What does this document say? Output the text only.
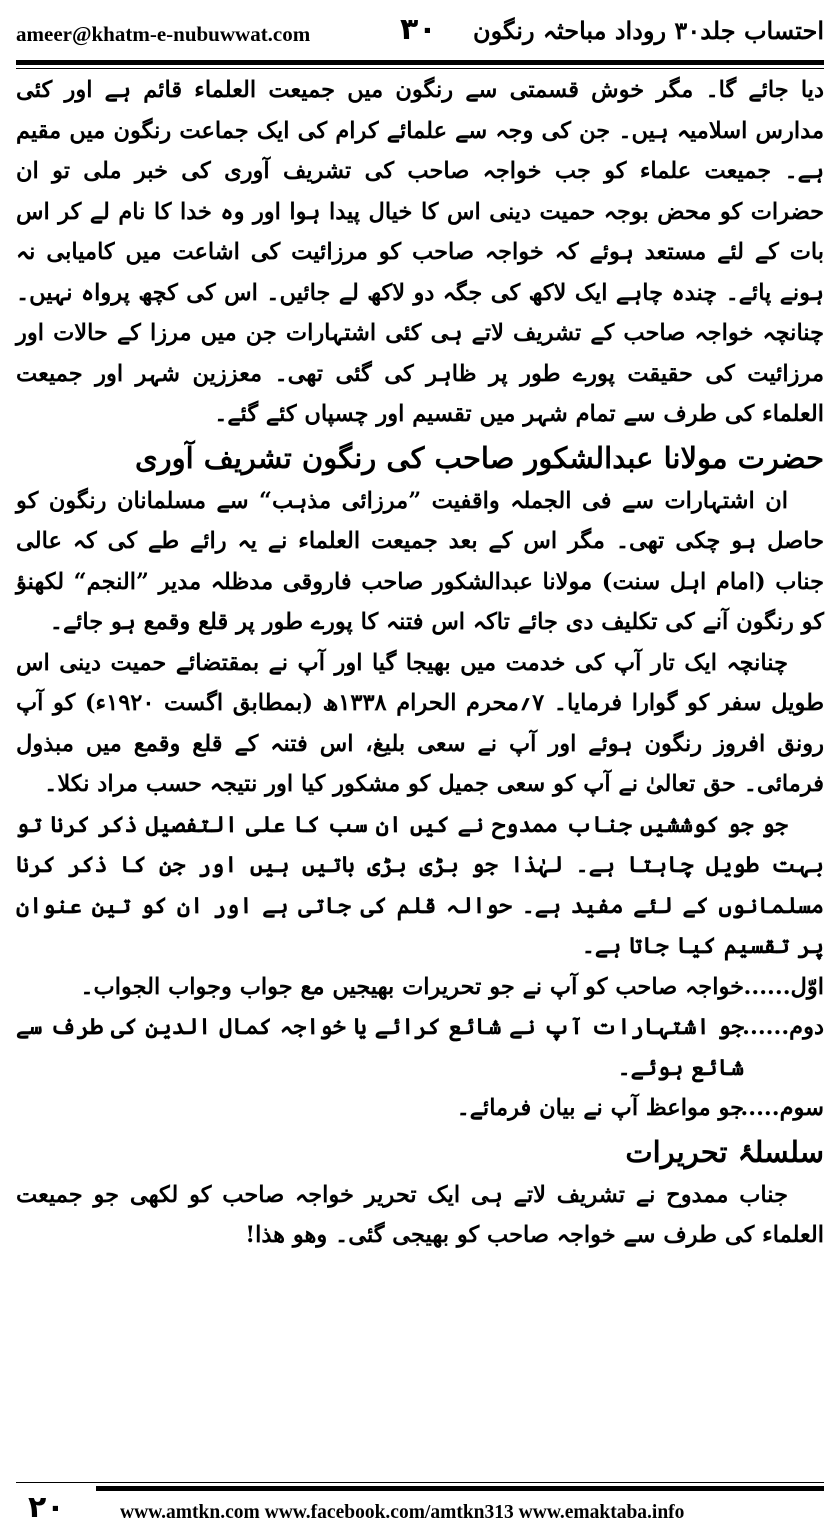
ameer@khatm-e-nubuwwat.com	۳۰ احتساب جلد۳۰ روداد مباحثہ رنگون

دیا جائے گا۔ مگر خوش قسمتی سے رنگون میں جمیعت العلماء قائم ہے اور کئی مدارس اسلامیہ ہیں۔ جن کی وجہ سے علمائے کرام کی ایک جماعت رنگون میں مقیم ہے۔ جمیعت علماء کو جب خواجہ صاحب کی تشریف آوری کی خبر ملی تو ان حضرات کو محض بوجہ حمیت دینی اس کا خیال پیدا ہوا اور وہ خدا کا نام لے کر اس بات کے لئے مستعد ہوئے کہ خواجہ صاحب کو مرزائیت کی اشاعت میں کامیابی نہ ہونے پائے۔ چندہ چاہے ایک لاکھ کی جگہ دو لاکھ لے جائیں۔ اس کی کچھ پرواہ نہیں۔ چنانچہ خواجہ صاحب کے تشریف لاتے ہی کئی اشتہارات جن میں مرزا کے حالات اور مرزائیت کی حقیقت پورے طور پر ظاہر کی گئی تھی۔ معززین شہر اور جمیعت العلماء کی طرف سے تمام شہر میں تقسیم اور چسپاں کئے گئے۔

حضرت مولانا عبدالشکور صاحب کی رنگون تشریف آوری

ان اشتہارات سے فی الجملہ واقفیت ”مرزائی مذہب“ سے مسلمانان رنگون کو حاصل ہو چکی تھی۔ مگر اس کے بعد جمیعت العلماء نے یہ رائے طے کی کہ عالی جناب (امام اہل سنت) مولانا عبدالشکور صاحب فاروقی مدظلہ مدیر ”النجم“ لکھنؤ کو رنگون آنے کی تکلیف دی جائے تاکہ اس فتنہ کا پورے طور پر قلع وقمع ہو جائے۔

چنانچہ ایک تار آپ کی خدمت میں بھیجا گیا اور آپ نے بمقتضائے حمیت دینی اس طویل سفر کو گوارا فرمایا۔ ۷؍محرم الحرام ۱۳۳۸ھ (بمطابق اگست ۱۹۲۰ء) کو آپ رونق افروز رنگون ہوئے اور آپ نے سعی بلیغ، اس فتنہ کے قلع وقمع میں مبذول فرمائی۔ حق تعالیٰ نے آپ کو سعی جمیل کو مشکور کیا اور نتیجہ حسب مراد نکلا۔

جو جو کوششیں جناب ممدوح نے کیں ان سب کا علی التفصیل ذکر کرنا تو بہت طویل چاہتا ہے۔ لہٰذا جو بڑی بڑی باتیں ہیں اور جن کا ذکر کرنا مسلمانوں کے لئے مفید ہے۔ حوالہ قلم کی جاتی ہے اور ان کو تین عنوان پر تقسیم کیا جاتا ہے۔

اوّل......
خواجہ صاحب کو آپ نے جو تحریرات بھیجیں مع جواب وجواب الجواب۔
دوم......
جو اشتہارات آپ نے شائع کرائے یا خواجہ کمال الدین کی طرف سے شائع ہوئے۔
سوم......
جو مواعظ آپ نے بیان فرمائے۔

سلسلۂ تحریرات

جناب ممدوح نے تشریف لاتے ہی ایک تحریر خواجہ صاحب کو لکھی جو جمیعت العلماء کی طرف سے خواجہ صاحب کو بھیجی گئی۔ وھو ھذا!

۲۰	www.amtkn.com www.facebook.com/amtkn313 www.emaktaba.info
